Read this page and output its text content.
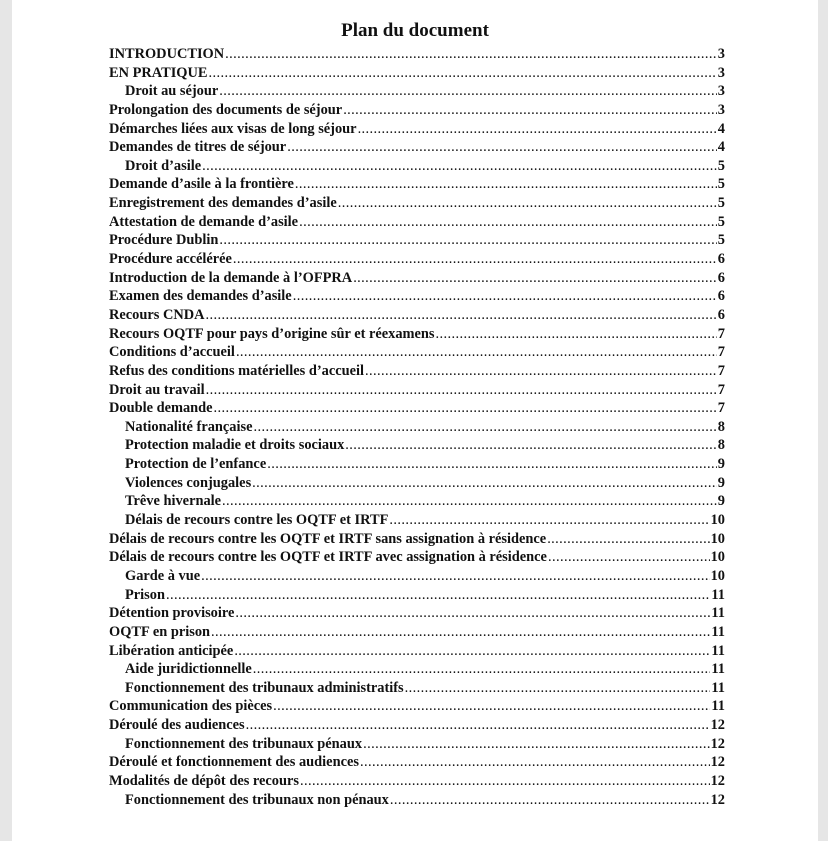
Plan du document
INTRODUCTION .....	3
EN PRATIQUE .....	3
Droit au séjour .....	3
Prolongation des documents de séjour .....	3
Démarches liées aux visas de long séjour .....	4
Demandes de titres de séjour .....	4
Droit d’asile .....	5
Demande d’asile à la frontière .....	5
Enregistrement des demandes d’asile .....	5
Attestation de demande d’asile .....	5
Procédure Dublin .....	5
Procédure accélérée .....	6
Introduction de la demande à l’OFPRA .....	6
Examen des demandes d’asile .....	6
Recours CNDA .....	6
Recours OQTF pour pays d’origine sûr et réexamens .....	7
Conditions d’accueil .....	7
Refus des conditions matérielles d’accueil .....	7
Droit au travail .....	7
Double demande .....	7
Nationalité française .....	8
Protection maladie et droits sociaux .....	8
Protection de l’enfance .....	9
Violences conjugales .....	9
Trêve hivernale .....	9
Délais de recours contre les OQTF et IRTF .....	10
Délais de recours contre les OQTF et IRTF sans assignation à résidence .....	10
Délais de recours contre les OQTF et IRTF avec assignation à résidence .....	10
Garde à vue .....	10
Prison .....	11
Détention provisoire .....	11
OQTF en prison .....	11
Libération anticipée .....	11
Aide juridictionnelle .....	11
Fonctionnement des tribunaux administratifs .....	11
Communication des pièces .....	11
Déroulé des audiences .....	12
Fonctionnement des tribunaux pénaux .....	12
Déroulé et fonctionnement des audiences .....	12
Modalités de dépôt des recours .....	12
Fonctionnement des tribunaux non pénaux .....	12
